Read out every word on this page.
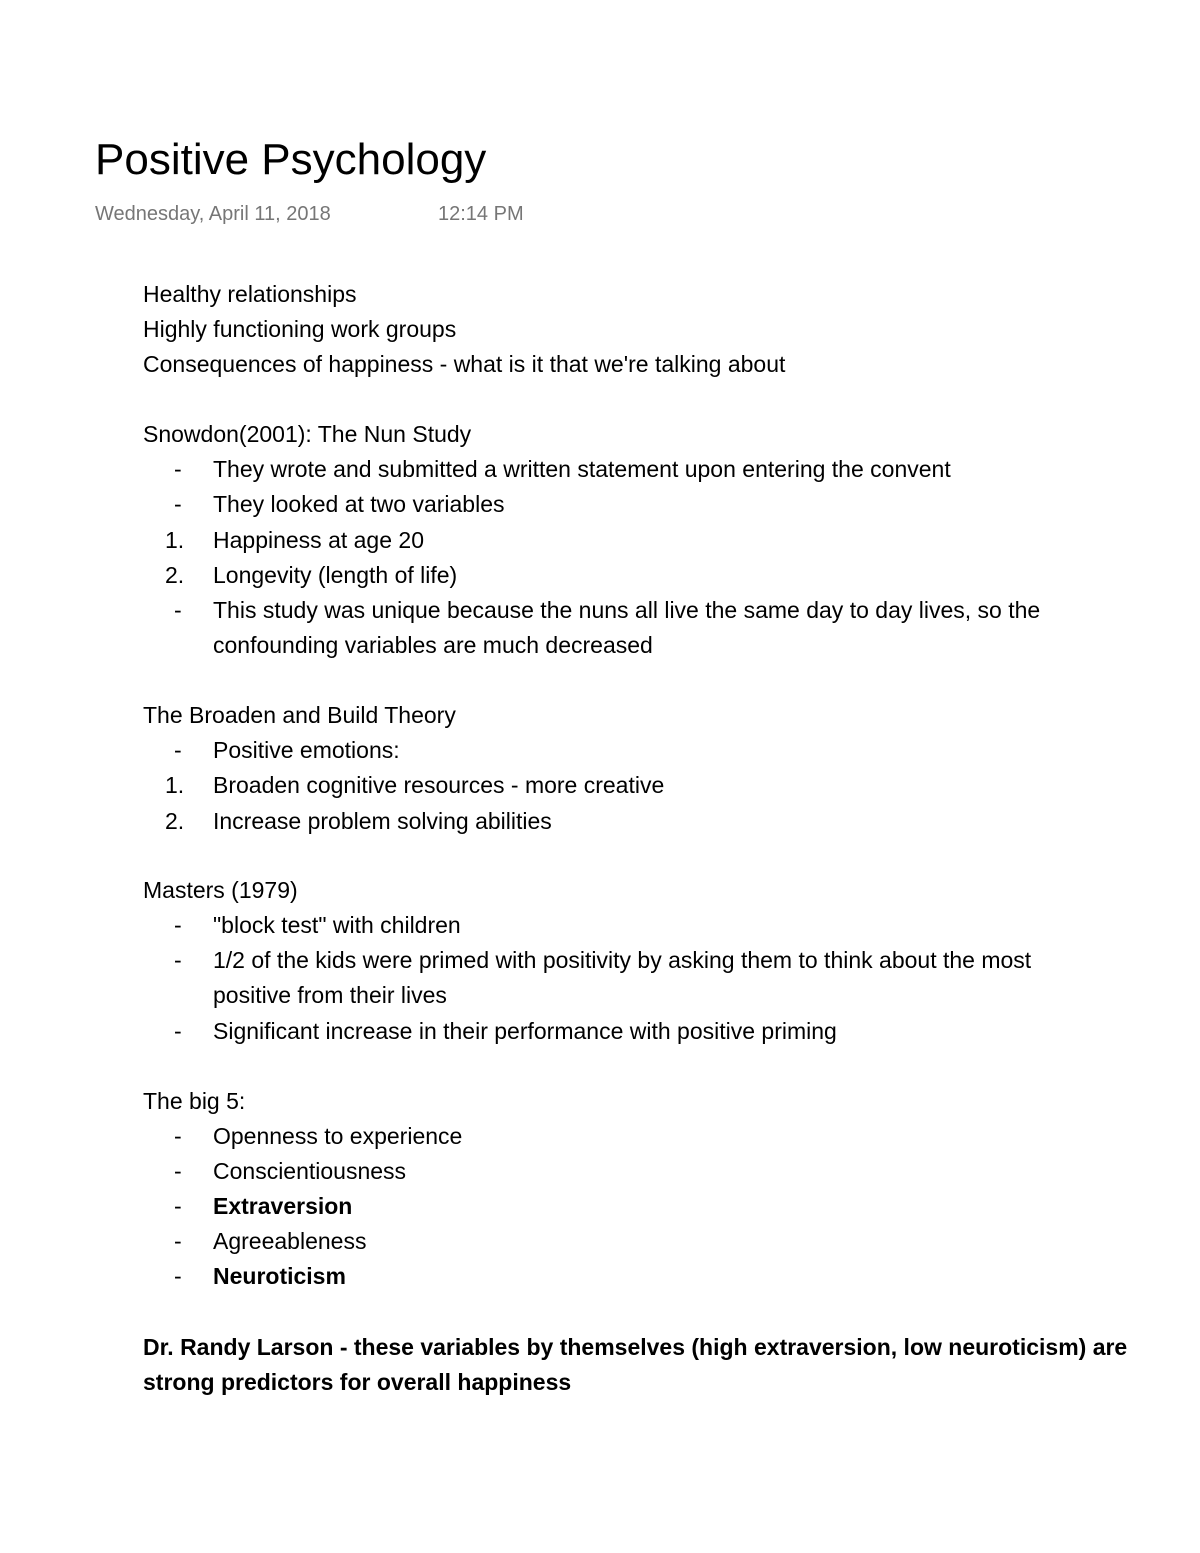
Positive Psychology
Wednesday, April 11, 2018	12:14 PM
Healthy relationships
Highly functioning work groups
Consequences of happiness - what is it that we're talking about
Snowdon(2001): The Nun Study
-	They wrote and submitted a written statement upon entering the convent
-	They looked at two variables
1.	Happiness at age 20
2.	Longevity (length of life)
-	This study was unique because the nuns all live the same day to day lives, so the
confounding variables are much decreased
The Broaden and Build Theory
-	Positive emotions:
1.	Broaden cognitive resources - more creative
2.	Increase problem solving abilities
Masters (1979)
-	"block test" with children
-	1/2 of the kids were primed with positivity by asking them to think about the most
positive from their lives
-	Significant increase in their performance with positive priming
The big 5:
-	Openness to experience
-	Conscientiousness
-	Extraversion
-	Agreeableness
-	Neuroticism
Dr. Randy Larson - these variables by themselves (high extraversion, low neuroticism) are
strong predictors for overall happiness
